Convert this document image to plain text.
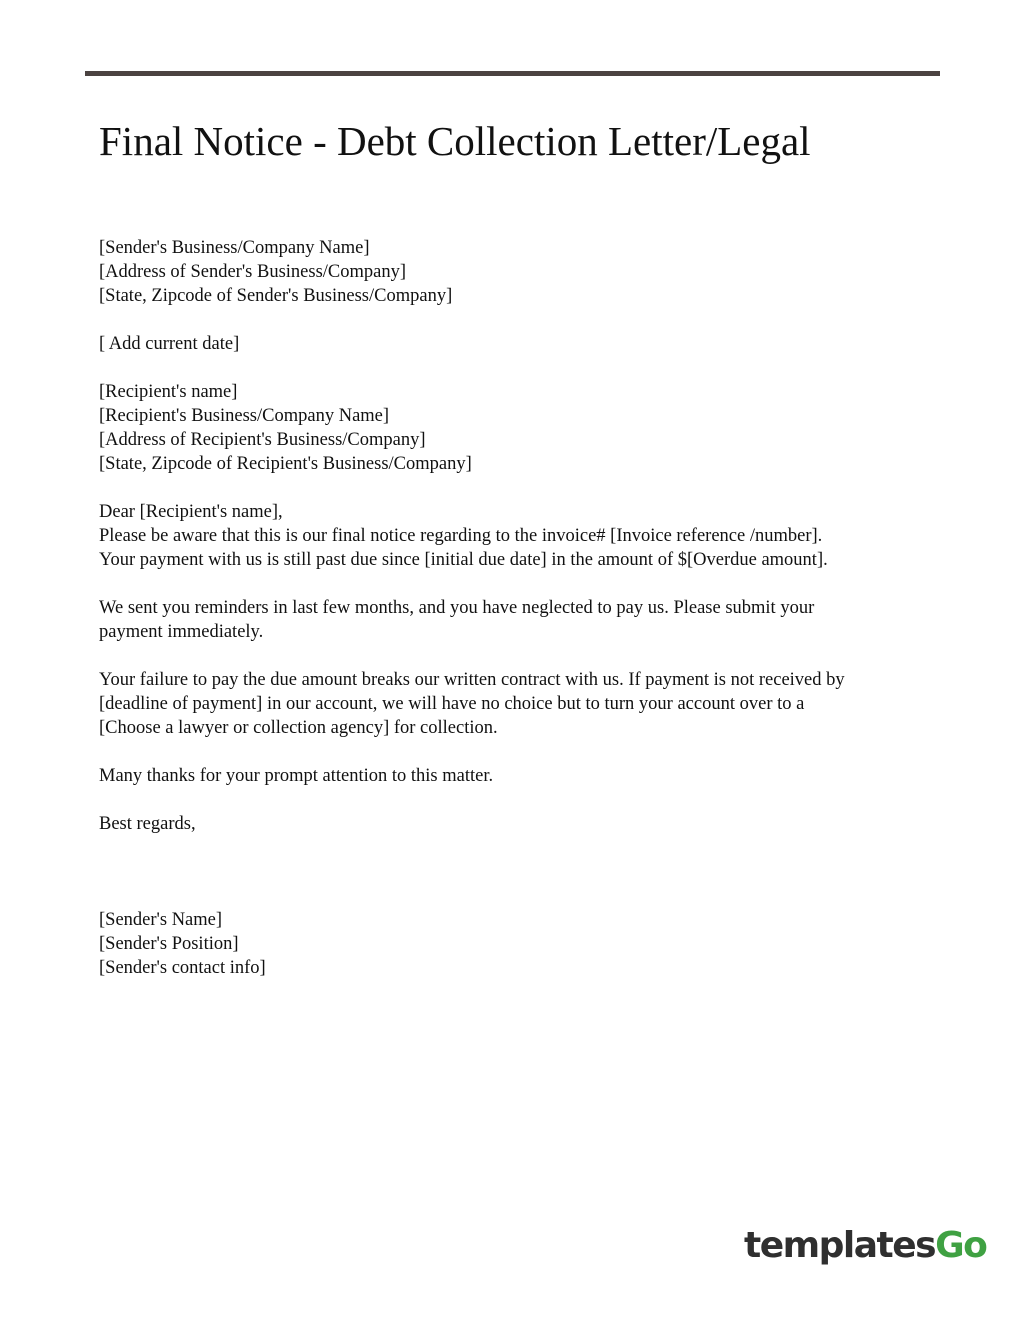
Final Notice - Debt Collection Letter/Legal
[Sender's Business/Company Name]
[Address of Sender's Business/Company]
[State, Zipcode of Sender's Business/Company]
[ Add current date]
[Recipient's name]
[Recipient's Business/Company Name]
[Address of Recipient's Business/Company]
[State, Zipcode of Recipient's Business/Company]
Dear [Recipient's name],
Please be aware that this is our final notice regarding to the invoice# [Invoice reference /number].
Your payment with us is still past due since [initial due date] in the amount of $[Overdue amount].
We sent you reminders in last few months, and you have neglected to pay us. Please submit your
payment immediately.
Your failure to pay the due amount breaks our written contract with us. If payment is not received by
[deadline of payment] in our account, we will have no choice but to turn your account over to a
[Choose a lawyer or collection agency] for collection.
Many thanks for your prompt attention to this matter.
Best regards,
[Sender's Name]
[Sender's Position]
[Sender's contact info]
templatesGo
